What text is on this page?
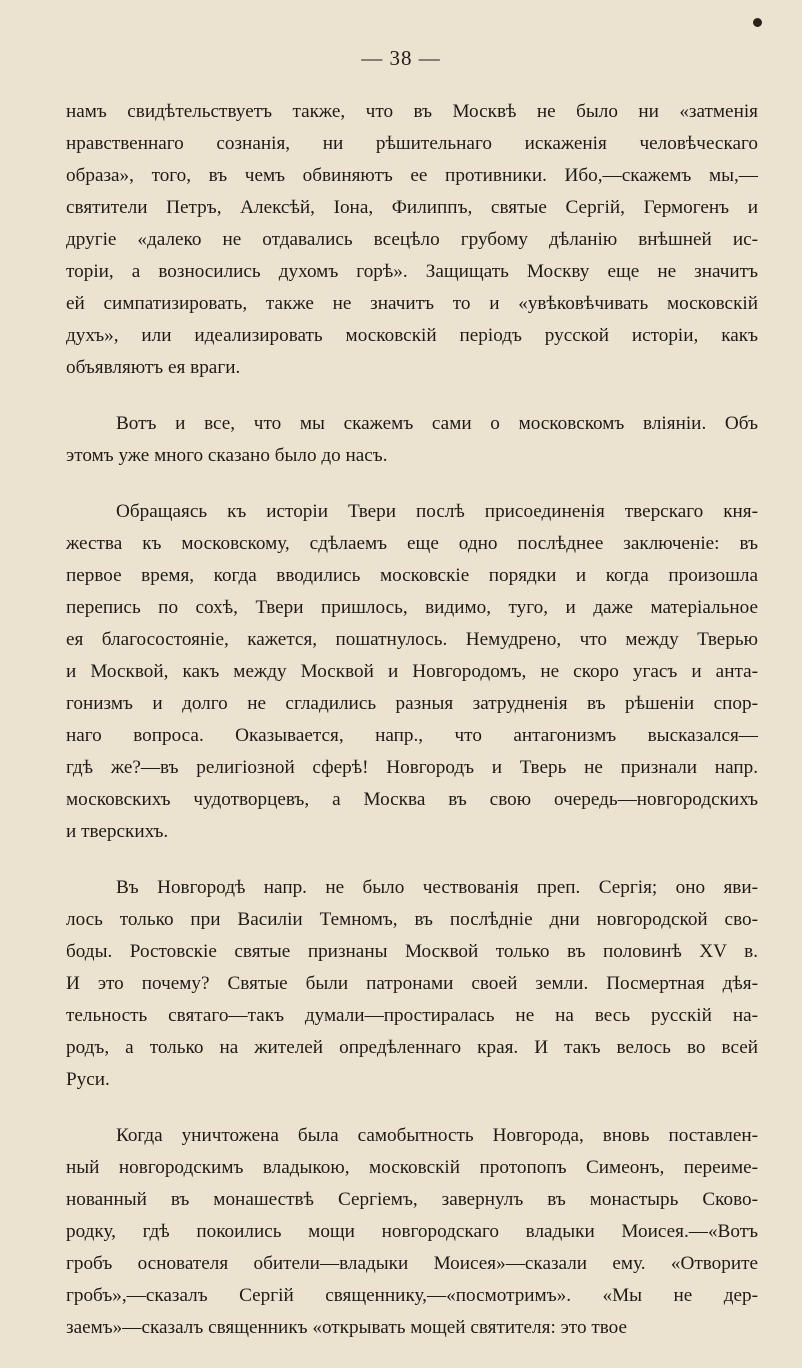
— 38 —
намъ свидѣтельствуетъ также, что въ Москвѣ не было ни «затменія
нравственнаго сознанія, ни рѣшительнаго искаженія человѣческаго
образа», того, въ чемъ обвиняютъ ее противники. Ибо,—скажемъ мы,—
святители Петръ, Алексѣй, Іона, Филиппъ, святые Сергій, Гермогенъ и
другіе «далеко не отдавались всецѣло грубому дѣланію внѣшней ис-
торіи, а возносились духомъ горѣ». Защищать Москву еще не значитъ
ей симпатизировать, также не значитъ то и «увѣковѣчивать московскій
духъ», или идеализировать московскій періодъ русской исторіи, какъ
объявляютъ ея враги.
Вотъ и все, что мы скажемъ сами о московскомъ вліяніи. Объ
этомъ уже много сказано было до насъ.
Обращаясь къ исторіи Твери послѣ присоединенія тверскаго кня-
жества къ московскому, сдѣлаемъ еще одно послѣднее заключеніе: въ
первое время, когда вводились московскіе порядки и когда произошла
перепись по сохѣ, Твери пришлось, видимо, туго, и даже матеріальное
ея благосостояніе, кажется, пошатнулось. Немудрено, что между Тверью
и Москвой, какъ между Москвой и Новгородомъ, не скоро угасъ и анта-
гонизмъ и долго не сгладились разныя затрудненія въ рѣшеніи спор-
наго вопроса. Оказывается, напр., что антагонизмъ высказался—
гдѣ же?—въ религіозной сферѣ! Новгородъ и Тверь не признали напр.
московскихъ чудотворцевъ, а Москва въ свою очередь—новгородскихъ
и тверскихъ.
Въ Новгородѣ напр. не было чествованія преп. Сергія; оно яви-
лось только при Василіи Темномъ, въ послѣдніе дни новгородской сво-
боды. Ростовскіе святые признаны Москвой только въ половинѣ XV в.
И это почему? Святые были патронами своей земли. Посмертная дѣя-
тельность святаго—такъ думали—простиралась не на весь русскій на-
родъ, а только на жителей опредѣленнаго края. И такъ велось во всей
Руси.
Когда уничтожена была самобытность Новгорода, вновь поставлен-
ный новгородскимъ владыкою, московскій протопопъ Симеонъ, переиме-
нованный въ монашествѣ Сергіемъ, завернулъ въ монастырь Сково-
родку, гдѣ покоились мощи новгородскаго владыки Моисея.—«Вотъ
гробъ основателя обители—владыки Моисея»—сказали ему. «Отворите
гробъ»,—сказалъ Сергій священнику,—«посмотримъ». «Мы не дер-
заемъ»—сказалъ священникъ «открывать мощей святителя: это твое
